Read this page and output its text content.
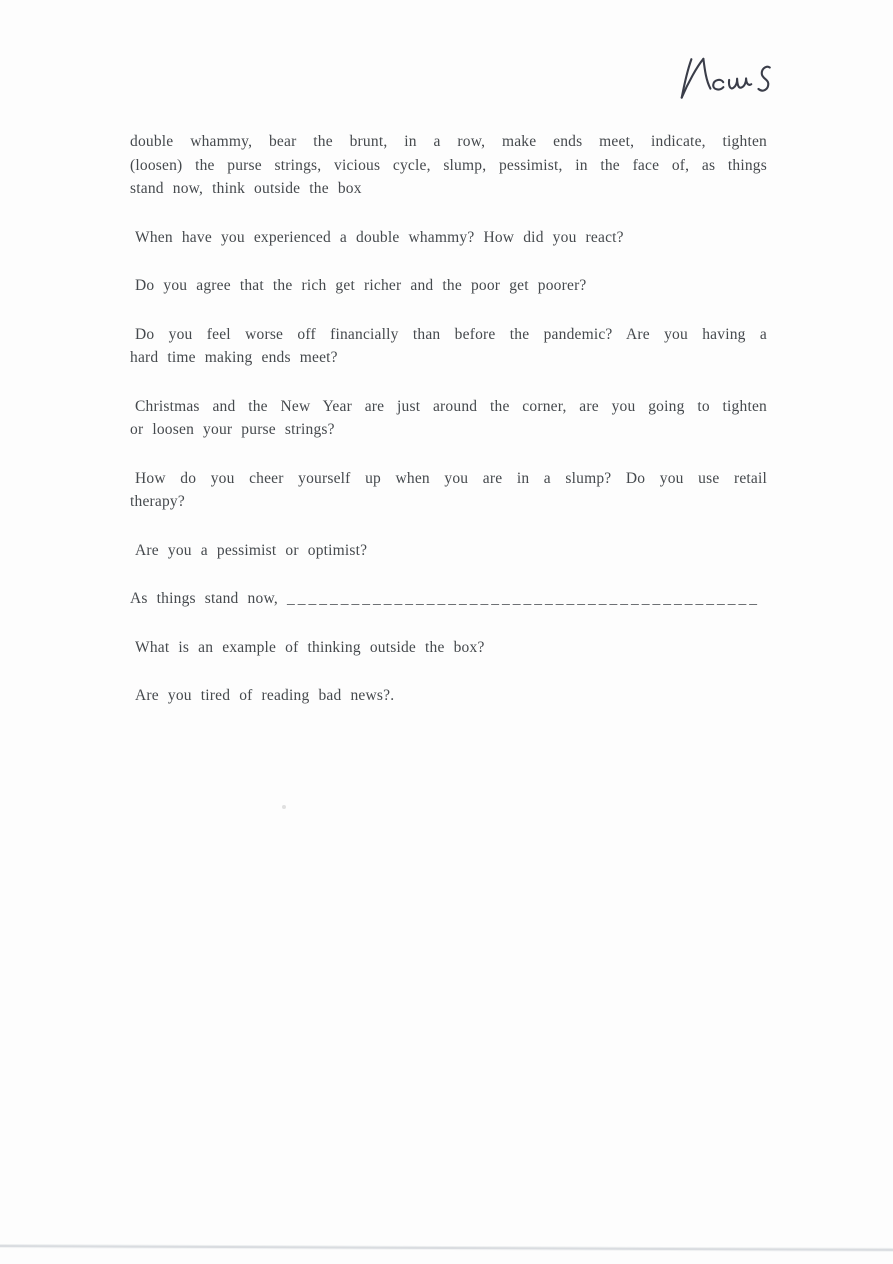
double whammy, bear the brunt, in a row, make ends meet, indicate, tighten
(loosen) the purse strings, vicious cycle, slump, pessimist, in the face of, as things
stand now, think outside the box

When have you experienced a double whammy? How did you react?

Do you agree that the rich get richer and the poor get poorer?

Do you feel worse off financially than before the pandemic? Are you having a
hard time making ends meet?

Christmas and the New Year are just around the corner, are you going to tighten
or loosen your purse strings?

How do you cheer yourself up when you are in a slump? Do you use retail
therapy?

Are you a pessimist or optimist?

As things stand now, ____________________________________________

What is an example of thinking outside the box?

Are you tired of reading bad news?.
